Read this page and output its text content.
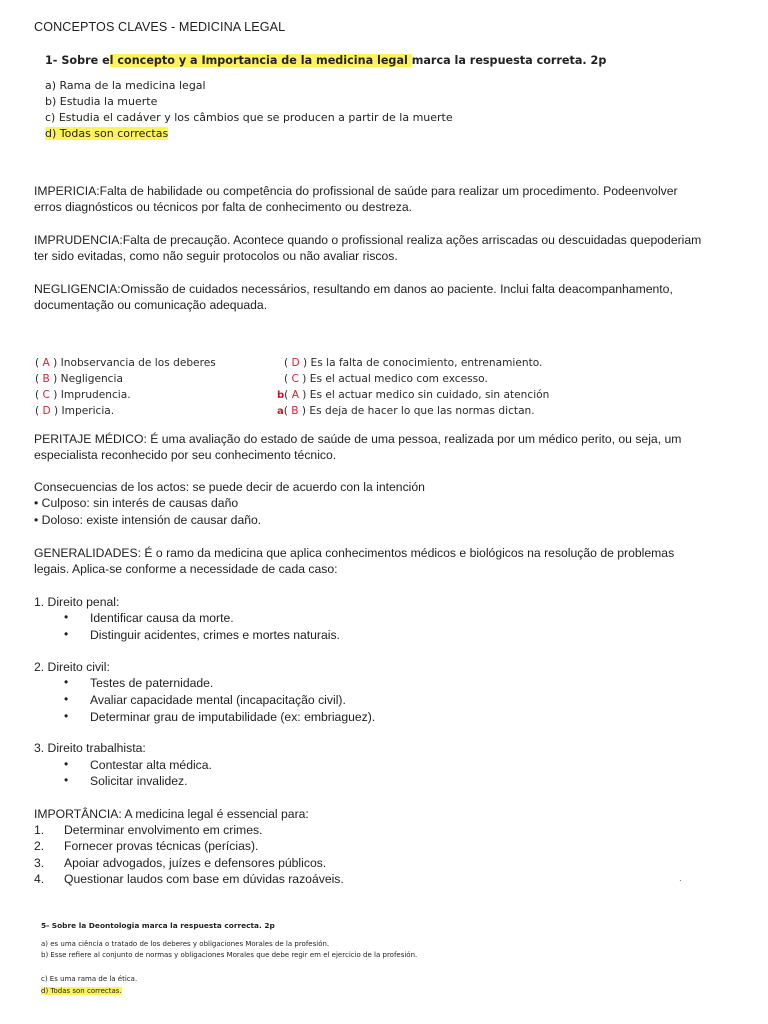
CONCEPTOS CLAVES - MEDICINA LEGAL
1- Sobre el concepto y a Importancia de la medicina legal marca la respuesta correta. 2p
a) Rama de la medicina legal
b) Estudia la muerte
c) Estudia el cadáver y los câmbios que se producen a partir de la muerte
d) Todas son correctas
IMPERICIA:Falta de habilidade ou competência do profissional de saúde para realizar um procedimento. Podeenvolver
erros diagnósticos ou técnicos por falta de conhecimento ou destreza.
IMPRUDENCIA:Falta de precaução. Acontece quando o profissional realiza ações arriscadas ou descuidadas quepoderiam
ter sido evitadas, como não seguir protocolos ou não avaliar riscos.
NEGLIGENCIA:Omissão de cuidados necessários, resultando em danos ao paciente. Inclui falta deacompanhamento,
documentação ou comunicação adequada.
( A ) Inobservancia de los deberes
( B ) Negligencia
( C ) Imprudencia.
( D ) Impericia.
( D ) Es la falta de conocimiento, entrenamiento.
( C ) Es el actual medico com excesso.
b( A ) Es el actuar medico sin cuidado, sin atención
a( B ) Es deja de hacer lo que las normas dictan.
PERITAJE MÉDICO: É uma avaliação do estado de saúde de uma pessoa, realizada por um médico perito, ou seja, um
especialista reconhecido por seu conhecimento técnico.
Consecuencias de los actos: se puede decir de acuerdo con la intención
• Culposo: sin interés de causas daño
• Doloso: existe intensión de causar daño.
GENERALIDADES: É o ramo da medicina que aplica conhecimentos médicos e biológicos na resolução de problemas
legais. Aplica-se conforme a necessidade de cada caso:
1. Direito penal:
• Identificar causa da morte.
• Distinguir acidentes, crimes e mortes naturais.
2. Direito civil:
• Testes de paternidade.
• Avaliar capacidade mental (incapacitação civil).
• Determinar grau de imputabilidade (ex: embriaguez).
3. Direito trabalhista:
• Contestar alta médica.
• Solicitar invalidez.
IMPORTÂNCIA: A medicina legal é essencial para:
1. Determinar envolvimento em crimes.
2. Fornecer provas técnicas (perícias).
3. Apoiar advogados, juízes e defensores públicos.
4. Questionar laudos com base em dúvidas razoáveis.	.
5- Sobre la Deontologia marca la respuesta correcta. 2p
a) es uma ciência o tratado de los deberes y obligaciones Morales de la profesión.
b) Esse refiere al conjunto de normas y obligaciones Morales que debe regir em el ejercicio de la profesión.
c) Es uma rama de la ética.
d) Todas son correctas.
